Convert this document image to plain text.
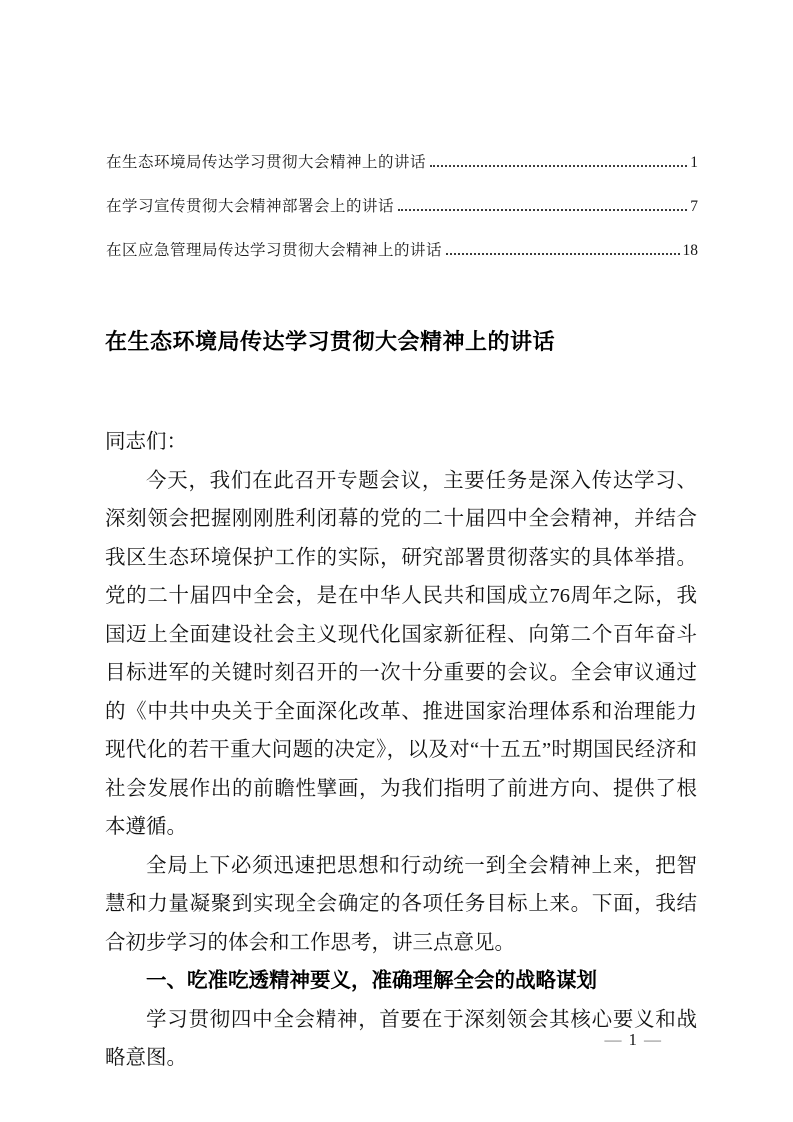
在生态环境局传达学习贯彻大会精神上的讲话	1
在学习宣传贯彻大会精神部署会上的讲话	7
在区应急管理局传达学习贯彻大会精神上的讲话	18
在生态环境局传达学习贯彻大会精神上的讲话

同志们：

今天，我们在此召开专题会议，主要任务是深入传达学习、深刻领会把握刚刚胜利闭幕的党的二十届四中全会精神，并结合我区生态环境保护工作的实际，研究部署贯彻落实的具体举措。党的二十届四中全会，是在中华人民共和国成立76周年之际，我国迈上全面建设社会主义现代化国家新征程、向第二个百年奋斗目标进军的关键时刻召开的一次十分重要的会议。全会审议通过的《中共中央关于全面深化改革、推进国家治理体系和治理能力现代化的若干重大问题的决定》，以及对“十五五”时期国民经济和社会发展作出的前瞻性擘画，为我们指明了前进方向、提供了根本遵循。

全局上下必须迅速把思想和行动统一到全会精神上来，把智慧和力量凝聚到实现全会确定的各项任务目标上来。下面，我结合初步学习的体会和工作思考，讲三点意见。

一、吃准吃透精神要义，准确理解全会的战略谋划

学习贯彻四中全会精神，首要在于深刻领会其核心要义和战略意图。

— 1 —
